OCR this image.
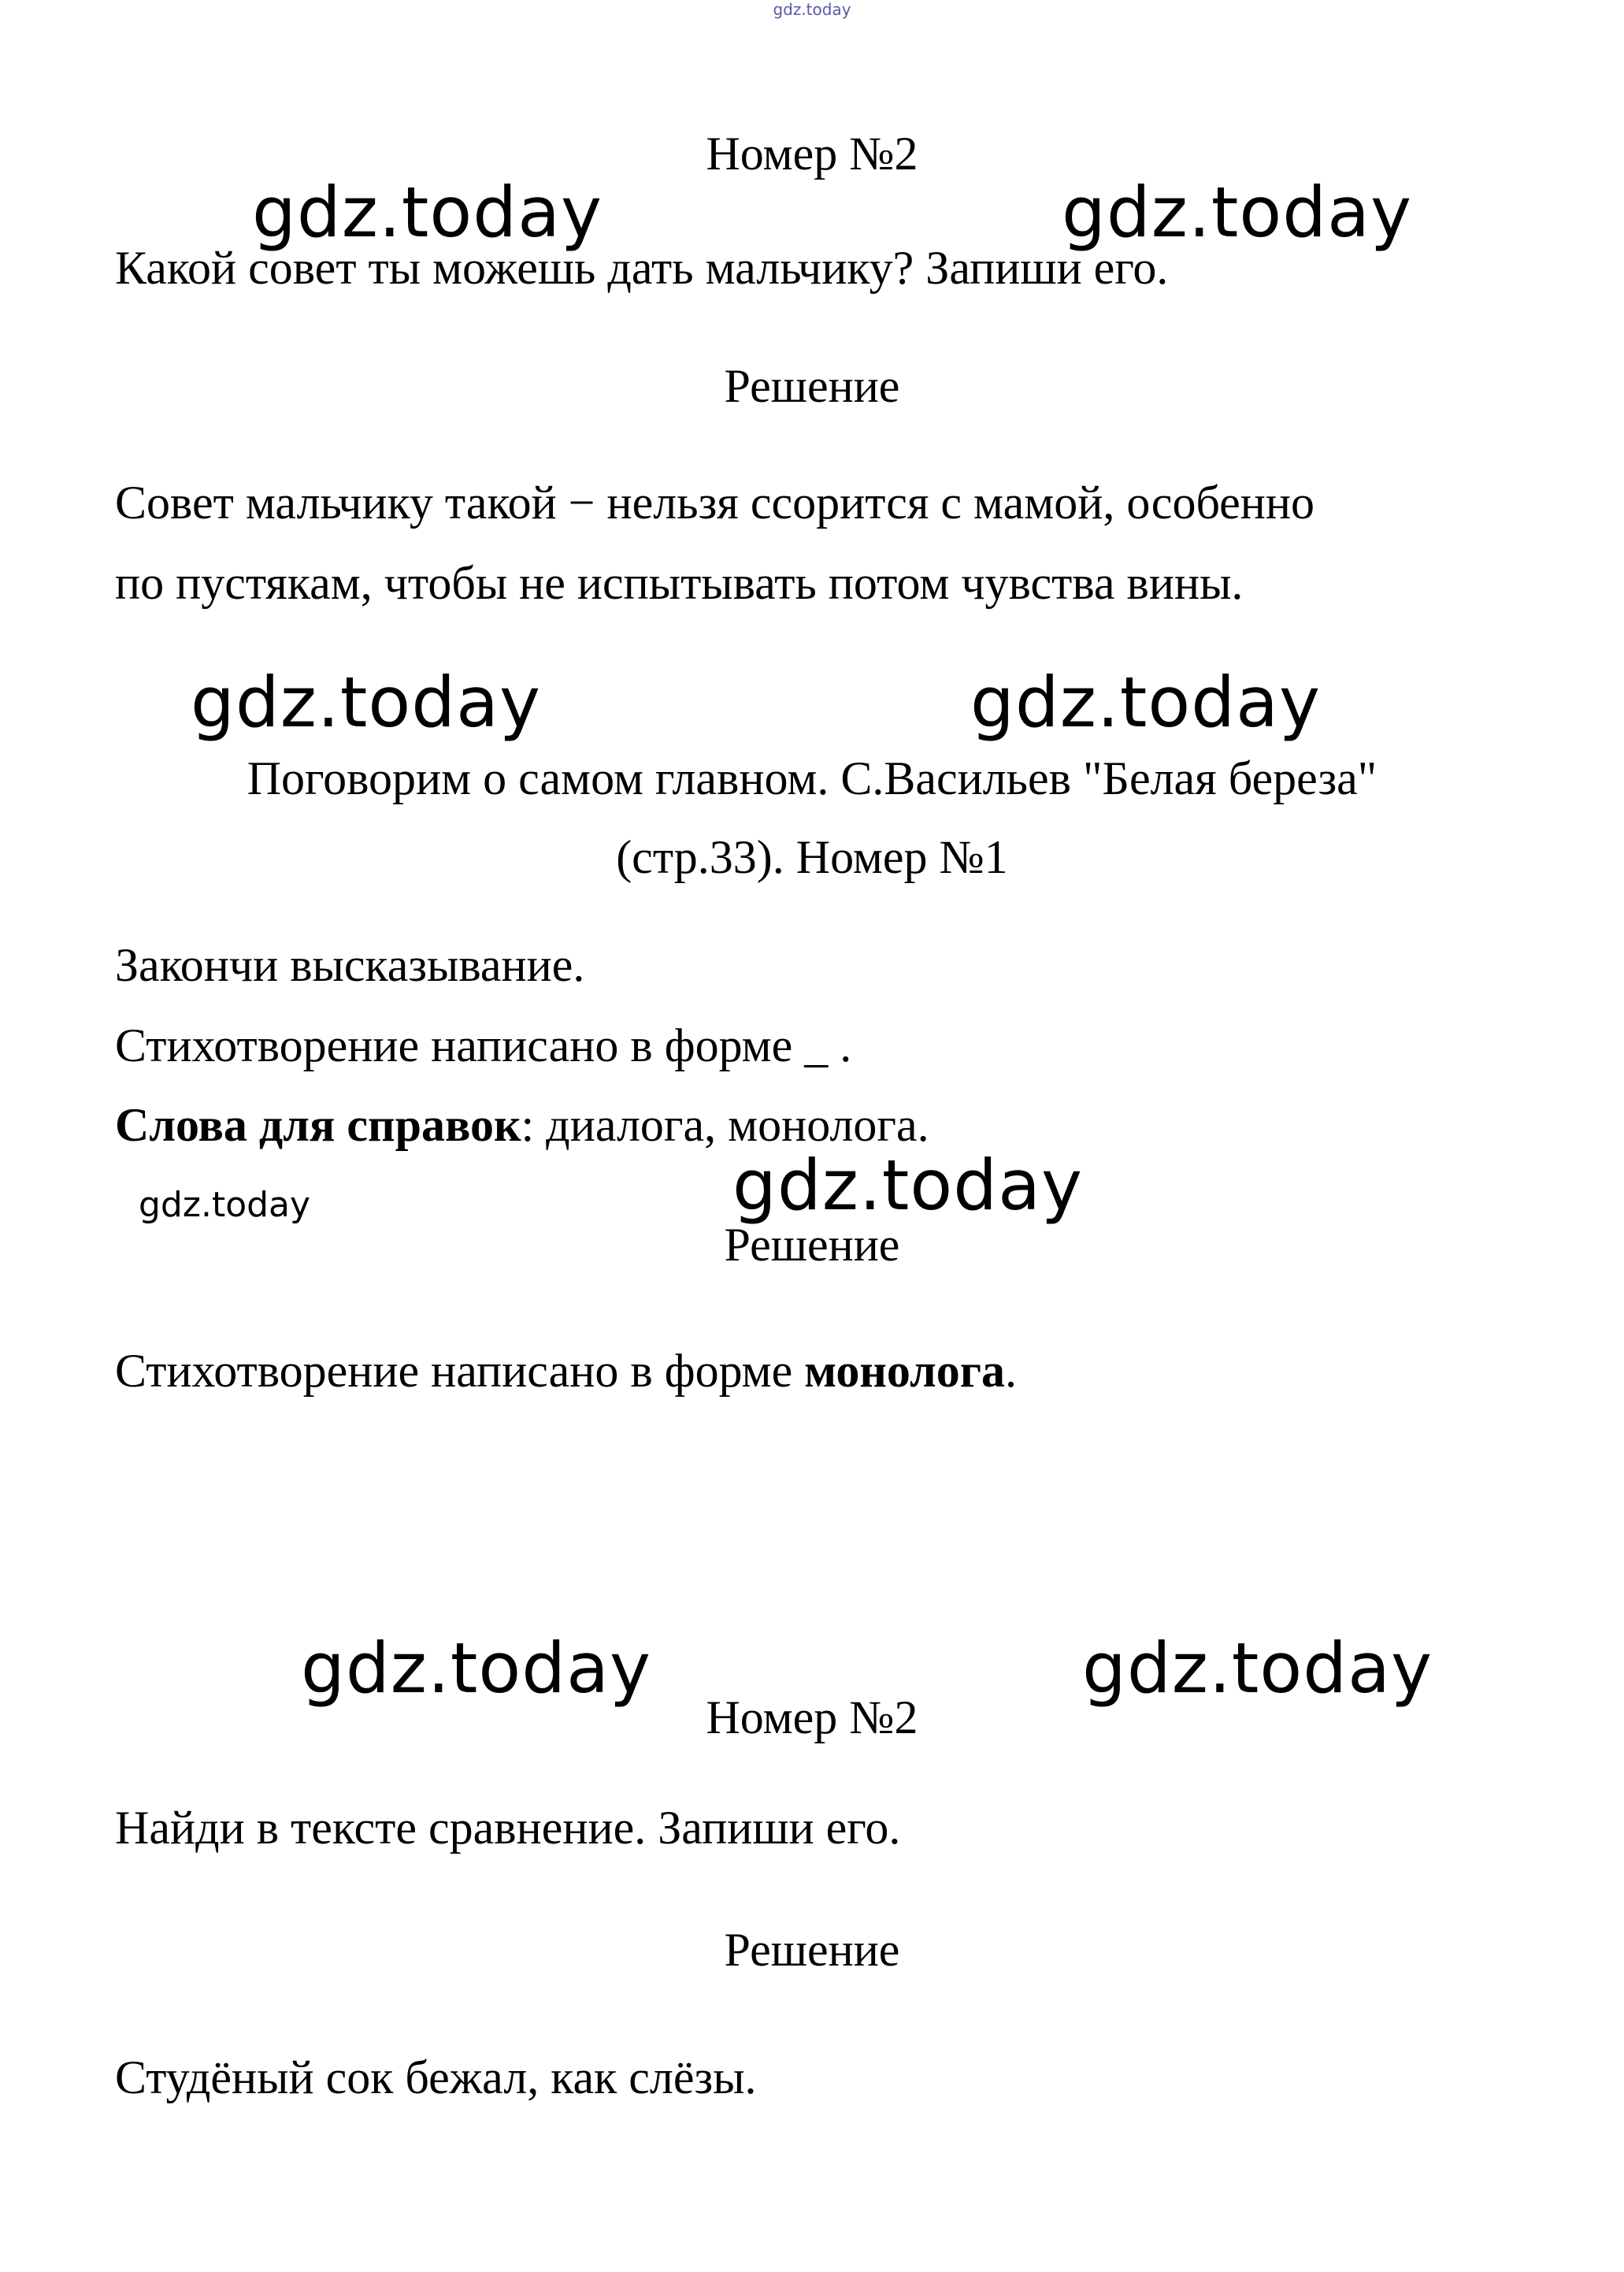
gdz.today
Номер №2
gdz.today	gdz.today
Какой совет ты можешь дать мальчику? Запиши его.
Решение
Совет мальчику такой − нельзя ссорится с мамой, особенно
по пустякам, чтобы не испытывать потом чувства вины.
gdz.today	gdz.today
Поговорим о самом главном. С.Васильев "Белая береза"
(стр.33). Номер №1
Закончи высказывание.
Стихотворение написано в форме _ .
Слова для справок: диалога, монолога.
gdz.today	gdz.today
Решение
Стихотворение написано в форме монолога.
gdz.today	gdz.today
Номер №2
Найди в тексте сравнение. Запиши его.
Решение
Студёный сок бежал, как слёзы.
